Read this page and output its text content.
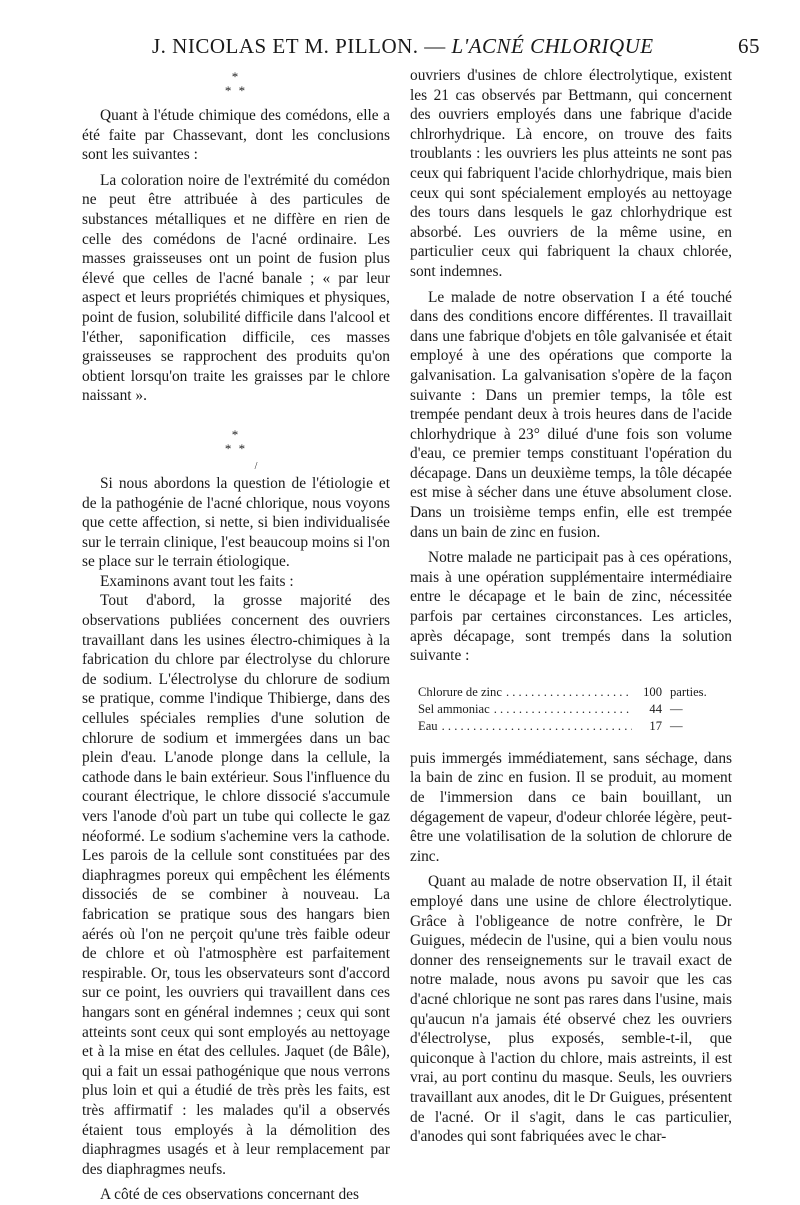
J. NICOLAS ET M. PILLON. — L'ACNÉ CHLORIQUE	65
*
* *

Quant à l'étude chimique des comédons, elle a été faite par Chassevant, dont les conclusions sont les suivantes :

La coloration noire de l'extrémité du comédon ne peut être attribuée à des particules de substances métalliques et ne diffère en rien de celle des comédons de l'acné ordinaire. Les masses graisseuses ont un point de fusion plus élevé que celles de l'acné banale ; « par leur aspect et leurs propriétés chimiques et physiques, point de fusion, solubilité difficile dans l'alcool et l'éther, saponification difficile, ces masses graisseuses se rapprochent des produits qu'on obtient lorsqu'on traite les graisses par le chlore naissant ».

*
* *
/

Si nous abordons la question de l'étiologie et de la pathogénie de l'acné chlorique, nous voyons que cette affection, si nette, si bien individualisée sur le terrain clinique, l'est beaucoup moins si l'on se place sur le terrain étiologique.

Examinons avant tout les faits :

Tout d'abord, la grosse majorité des observations publiées concernent des ouvriers travaillant dans les usines électro-chimiques à la fabrication du chlore par électrolyse du chlorure de sodium. L'électrolyse du chlorure de sodium se pratique, comme l'indique Thibierge, dans des cellules spéciales remplies d'une solution de chlorure de sodium et immergées dans un bac plein d'eau. L'anode plonge dans la cellule, la cathode dans le bain extérieur. Sous l'influence du courant électrique, le chlore dissocié s'accumule vers l'anode d'où part un tube qui collecte le gaz néoformé. Le sodium s'achemine vers la cathode. Les parois de la cellule sont constituées par des diaphragmes poreux qui empêchent les éléments dissociés de se combiner à nouveau. La fabrication se pratique sous des hangars bien aérés où l'on ne perçoit qu'une très faible odeur de chlore et où l'atmosphère est parfaitement respirable. Or, tous les observateurs sont d'accord sur ce point, les ouvriers qui travaillent dans ces hangars sont en général indemnes ; ceux qui sont atteints sont ceux qui sont employés au nettoyage et à la mise en état des cellules. Jaquet (de Bâle), qui a fait un essai pathogénique que nous verrons plus loin et qui a étudié de très près les faits, est très affirmatif : les malades qu'il a observés étaient tous employés à la démolition des diaphragmes usagés et à leur remplacement par des diaphragmes neufs.

A côté de ces observations concernant des

ouvriers d'usines de chlore électrolytique, existent les 21 cas observés par Bettmann, qui concernent des ouvriers employés dans une fabrique d'acide chlrorhydrique. Là encore, on trouve des faits troublants : les ouvriers les plus atteints ne sont pas ceux qui fabriquent l'acide chlorhydrique, mais bien ceux qui sont spécialement employés au nettoyage des tours dans lesquels le gaz chlorhydrique est absorbé. Les ouvriers de la même usine, en particulier ceux qui fabriquent la chaux chlorée, sont indemnes.

Le malade de notre observation I a été touché dans des conditions encore différentes. Il travaillait dans une fabrique d'objets en tôle galvanisée et était employé à une des opérations que comporte la galvanisation. La galvanisation s'opère de la façon suivante : Dans un premier temps, la tôle est trempée pendant deux à trois heures dans de l'acide chlorhydrique à 23° dilué d'une fois son volume d'eau, ce premier temps constituant l'opération du décapage. Dans un deuxième temps, la tôle décapée est mise à sécher dans une étuve absolument close. Dans un troisième temps enfin, elle est trempée dans un bain de zinc en fusion.

Notre malade ne participait pas à ces opérations, mais à une opération supplémentaire intermédiaire entre le décapage et le bain de zinc, nécessitée parfois par certaines circonstances. Les articles, après décapage, sont trempés dans la solution suivante :

Chlorure de zinc . . .	100 parties.
Sel ammoniac . . .	44 —
Eau . . .	17 —

puis immergés immédiatement, sans séchage, dans la bain de zinc en fusion. Il se produit, au moment de l'immersion dans ce bain bouillant, un dégagement de vapeur, d'odeur chlorée légère, peut-être une volatilisation de la solution de chlorure de zinc.

Quant au malade de notre observation II, il était employé dans une usine de chlore électrolytique. Grâce à l'obligeance de notre confrère, le Dr Guigues, médecin de l'usine, qui a bien voulu nous donner des renseignements sur le travail exact de notre malade, nous avons pu savoir que les cas d'acné chlorique ne sont pas rares dans l'usine, mais qu'aucun n'a jamais été observé chez les ouvriers d'électrolyse, plus exposés, semble-t-il, que quiconque à l'action du chlore, mais astreints, il est vrai, au port continu du masque. Seuls, les ouvriers travaillant aux anodes, dit le Dr Guigues, présentent de l'acné. Or il s'agit, dans le cas particulier, d'anodes qui sont fabriquées avec le char-
